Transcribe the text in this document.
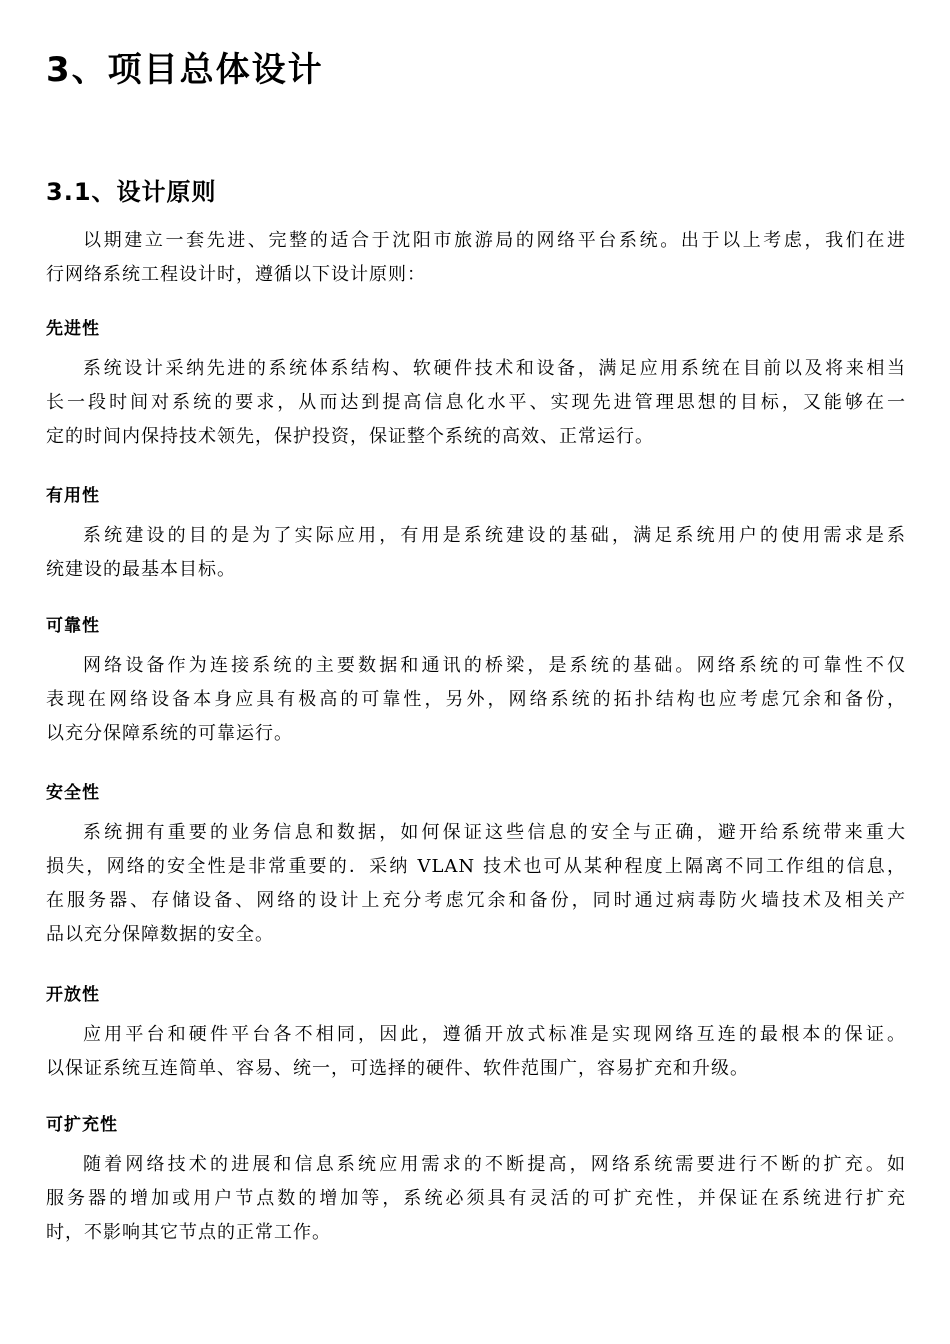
3、项目总体设计
3.1、设计原则

以期建立一套先进、完整的适合于沈阳市旅游局的网络平台系统。出于以上考虑，我们在进
行网络系统工程设计时，遵循以下设计原则：

先进性

系统设计采纳先进的系统体系结构、软硬件技术和设备，满足应用系统在目前以及将来相当
长一段时间对系统的要求，从而达到提高信息化水平、实现先进管理思想的目标，又能够在一
定的时间内保持技术领先，保护投资，保证整个系统的高效、正常运行。

有用性

系统建设的目的是为了实际应用，有用是系统建设的基础，满足系统用户的使用需求是系
统建设的最基本目标。

可靠性

网络设备作为连接系统的主要数据和通讯的桥梁，是系统的基础。网络系统的可靠性不仅
表现在网络设备本身应具有极高的可靠性，另外，网络系统的拓扑结构也应考虑冗余和备份，
以充分保障系统的可靠运行。

安全性

系统拥有重要的业务信息和数据，如何保证这些信息的安全与正确，避开给系统带来重大
损失，网络的安全性是非常重要的．采纳 VLAN 技术也可从某种程度上隔离不同工作组的信息，
在服务器、存储设备、网络的设计上充分考虑冗余和备份，同时通过病毒防火墙技术及相关产
品以充分保障数据的安全。

开放性

应用平台和硬件平台各不相同，因此，遵循开放式标准是实现网络互连的最根本的保证。
以保证系统互连简单、容易、统一，可选择的硬件、软件范围广，容易扩充和升级。

可扩充性

随着网络技术的进展和信息系统应用需求的不断提高，网络系统需要进行不断的扩充。如
服务器的增加或用户节点数的增加等，系统必须具有灵活的可扩充性，并保证在系统进行扩充
时，不影响其它节点的正常工作。
